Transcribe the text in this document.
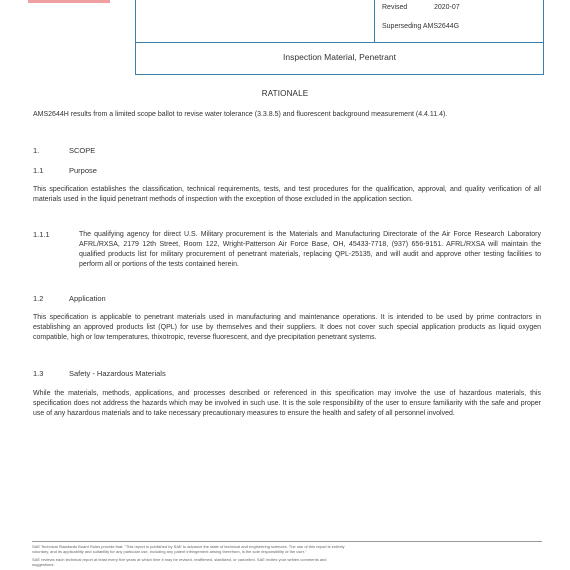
Revised	2020-07
Superseding AMS2644G
Inspection Material, Penetrant
RATIONALE
AMS2644H results from a limited scope ballot to revise water tolerance (3.3.8.5) and fluorescent background measurement (4.4.11.4).
1.	SCOPE
1.1	Purpose
This specification establishes the classification, technical requirements, tests, and test procedures for the qualification, approval, and quality verification of all materials used in the liquid penetrant methods of inspection with the exception of those excluded in the application section.
1.1.1	The qualifying agency for direct U.S. Military procurement is the Materials and Manufacturing Directorate of the Air Force Research Laboratory AFRL/RXSA, 2179 12th Street, Room 122, Wright-Patterson Air Force Base, OH, 45433-7718, (937) 656-9151. AFRL/RXSA will maintain the qualified products list for military procurement of penetrant materials, replacing QPL-25135, and will audit and approve other testing facilities to perform all or portions of the tests contained herein.
1.2	Application
This specification is applicable to penetrant materials used in manufacturing and maintenance operations. It is intended to be used by prime contractors in establishing an approved products list (QPL) for use by themselves and their suppliers. It does not cover such special application products as liquid oxygen compatible, high or low temperatures, thixotropic, reverse fluorescent, and dye precipitation penetrant systems.
1.3	Safety - Hazardous Materials
While the materials, methods, applications, and processes described or referenced in this specification may involve the use of hazardous materials, this specification does not address the hazards which may be involved in such use. It is the sole responsibility of the user to ensure familiarity with the safe and proper use of any hazardous materials and to take necessary precautionary measures to ensure the health and safety of all personnel involved.
SAE Technical Standards Board Rules provide that: "This report is published by SAE to advance the state of technical and engineering sciences. The use of this report is entirely
voluntary, and its applicability and suitability for any particular use, including any patent infringement arising therefrom, is the sole responsibility of the user."
SAE reviews each technical report at least every five years at which time it may be revised, reaffirmed, stabilized, or cancelled. SAE invites your written comments and
suggestions.
